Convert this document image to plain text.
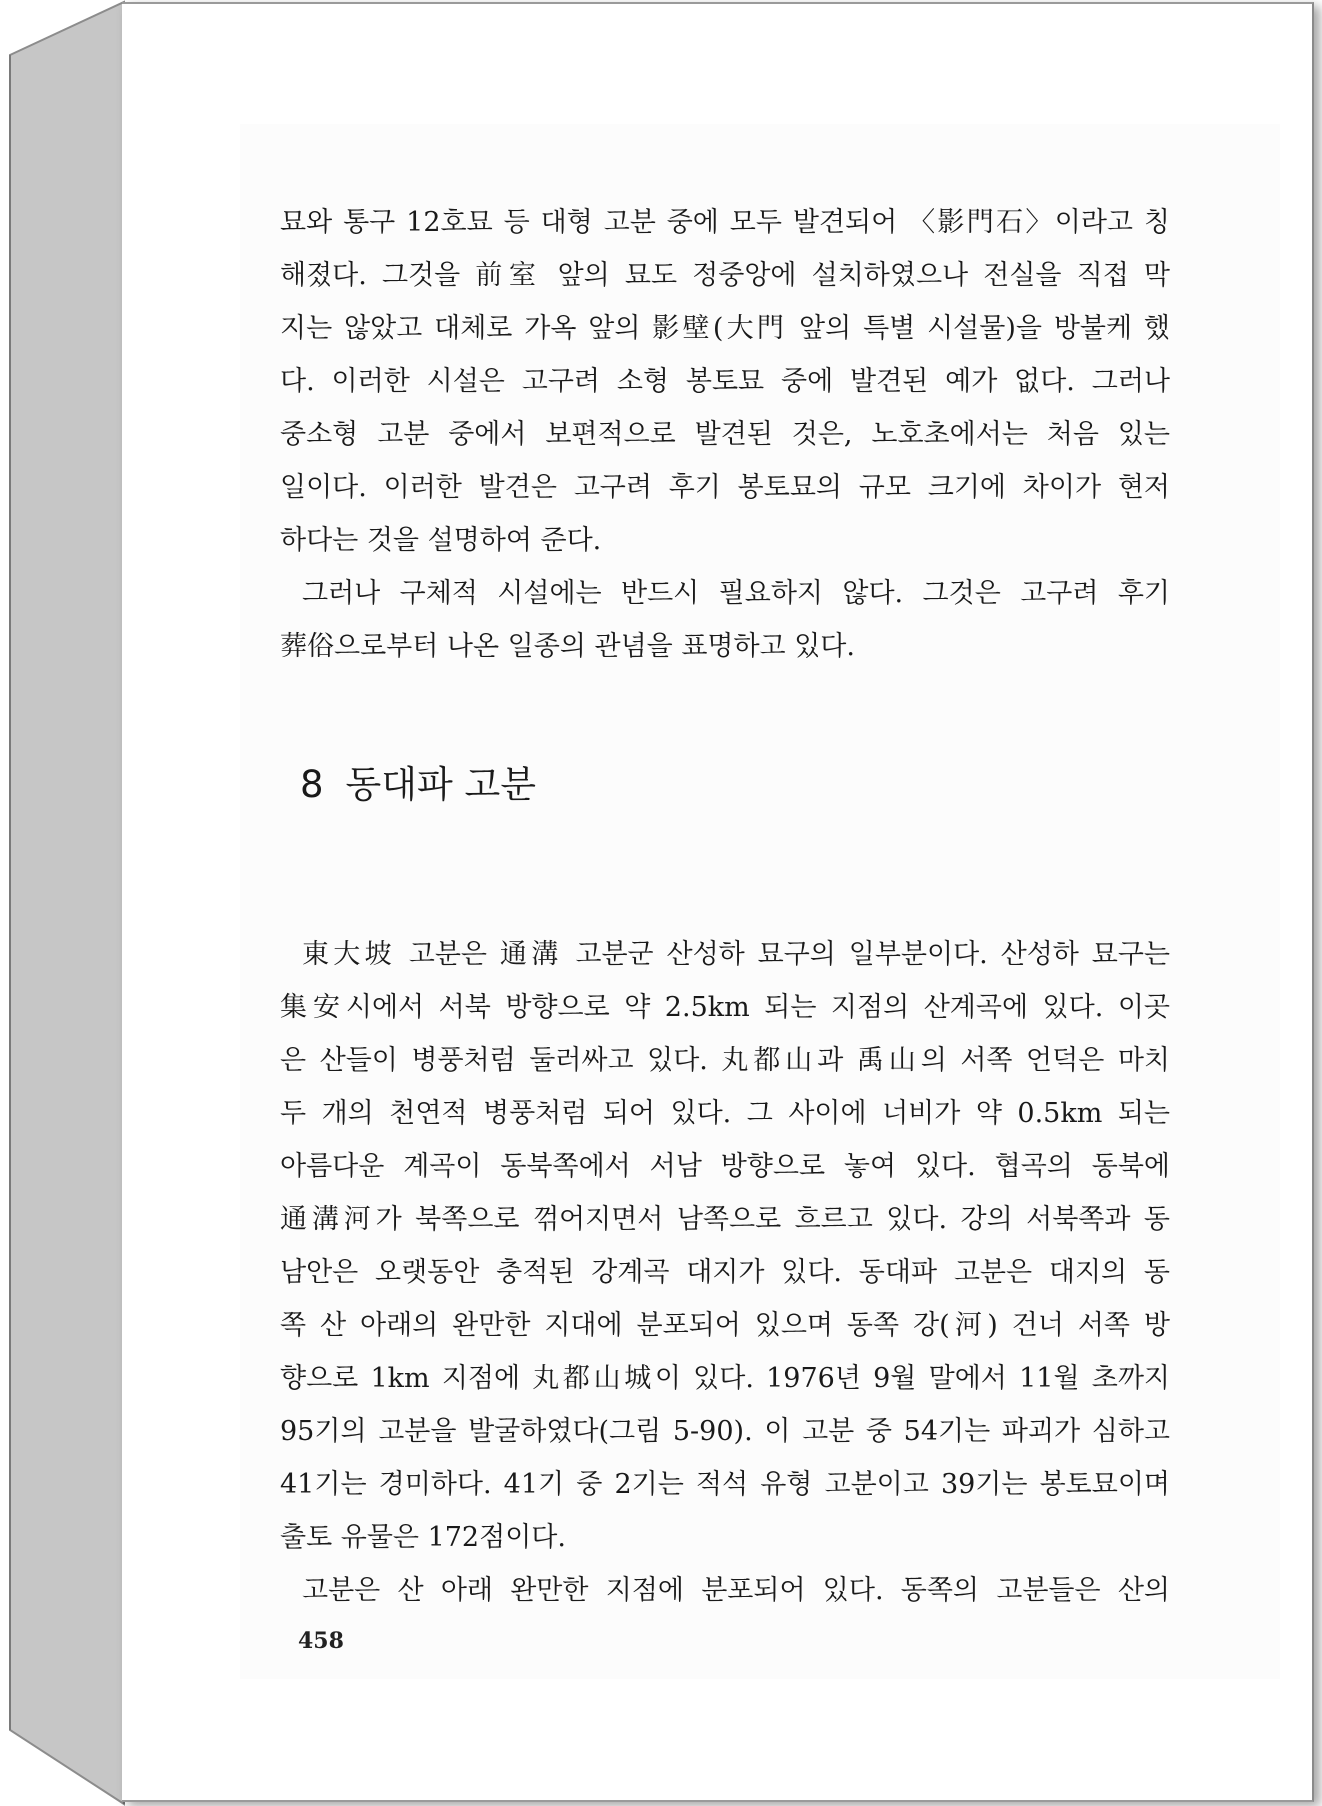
묘와 통구 12호묘 등 대형 고분 중에 모두 발견되어 〈影門石〉이라고 칭
해졌다. 그것을 前室 앞의 묘도 정중앙에 설치하였으나 전실을 직접 막
지는 않았고 대체로 가옥 앞의 影壁(大門 앞의 특별 시설물)을 방불케 했
다. 이러한 시설은 고구려 소형 봉토묘 중에 발견된 예가 없다. 그러나
중소형 고분 중에서 보편적으로 발견된 것은, 노호초에서는 처음 있는
일이다. 이러한 발견은 고구려 후기 봉토묘의 규모 크기에 차이가 현저
하다는 것을 설명하여 준다.
그러나 구체적 시설에는 반드시 필요하지 않다. 그것은 고구려 후기
葬俗으로부터 나온 일종의 관념을 표명하고 있다.
8 동대파 고분
東大坡 고분은 通溝 고분군 산성하 묘구의 일부분이다. 산성하 묘구는
集安시에서 서북 방향으로 약 2.5km 되는 지점의 산계곡에 있다. 이곳
은 산들이 병풍처럼 둘러싸고 있다. 丸都山과 禹山의 서쪽 언덕은 마치
두 개의 천연적 병풍처럼 되어 있다. 그 사이에 너비가 약 0.5km 되는
아름다운 계곡이 동북쪽에서 서남 방향으로 놓여 있다. 협곡의 동북에
通溝河가 북쪽으로 꺾어지면서 남쪽으로 흐르고 있다. 강의 서북쪽과 동
남안은 오랫동안 충적된 강계곡 대지가 있다. 동대파 고분은 대지의 동
쪽 산 아래의 완만한 지대에 분포되어 있으며 동쪽 강(河) 건너 서쪽 방
향으로 1km 지점에 丸都山城이 있다. 1976년 9월 말에서 11월 초까지
95기의 고분을 발굴하였다(그림 5-90). 이 고분 중 54기는 파괴가 심하고
41기는 경미하다. 41기 중 2기는 적석 유형 고분이고 39기는 봉토묘이며
출토 유물은 172점이다.
고분은 산 아래 완만한 지점에 분포되어 있다. 동쪽의 고분들은 산의
458
